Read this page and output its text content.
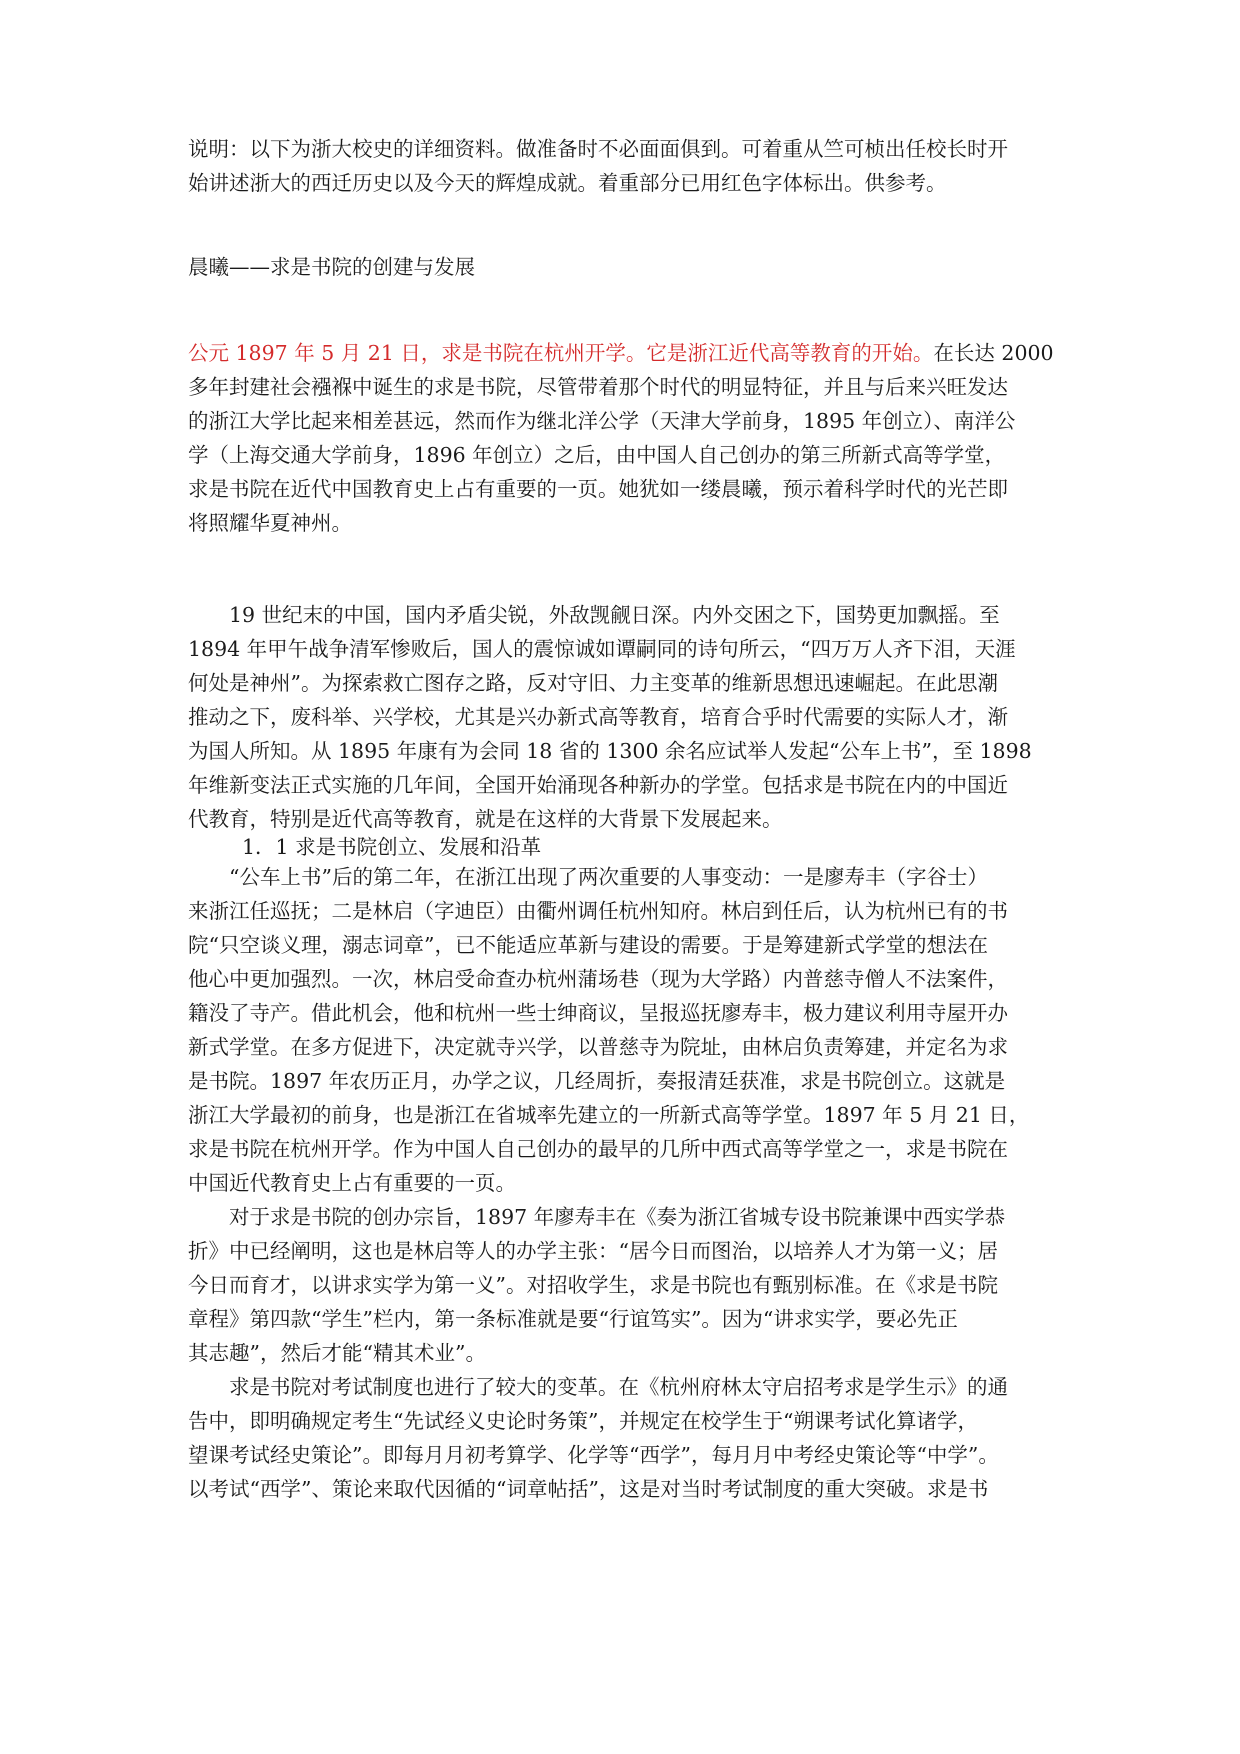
说明：以下为浙大校史的详细资料。做准备时不必面面俱到。可着重从竺可桢出任校长时开
始讲述浙大的西迁历史以及今天的辉煌成就。着重部分已用红色字体标出。供参考。
晨曦——求是书院的创建与发展
公元 1897 年 5 月 21 日，求是书院在杭州开学。它是浙江近代高等教育的开始。在长达 2000
多年封建社会襁褓中诞生的求是书院，尽管带着那个时代的明显特征，并且与后来兴旺发达
的浙江大学比起来相差甚远，然而作为继北洋公学（天津大学前身，1895 年创立）、南洋公
学（上海交通大学前身，1896 年创立）之后，由中国人自己创办的第三所新式高等学堂，
求是书院在近代中国教育史上占有重要的一页。她犹如一缕晨曦，预示着科学时代的光芒即
将照耀华夏神州。
19 世纪末的中国，国内矛盾尖锐，外敌觊觎日深。内外交困之下，国势更加飘摇。至
1894 年甲午战争清军惨败后，国人的震惊诚如谭嗣同的诗句所云，“四万万人齐下泪，天涯
何处是神州”。为探索救亡图存之路，反对守旧、力主变革的维新思想迅速崛起。在此思潮
推动之下，废科举、兴学校，尤其是兴办新式高等教育，培育合乎时代需要的实际人才，渐
为国人所知。从 1895 年康有为会同 18 省的 1300 余名应试举人发起“公车上书”，至 1898
年维新变法正式实施的几年间，全国开始涌现各种新办的学堂。包括求是书院在内的中国近
代教育，特别是近代高等教育，就是在这样的大背景下发展起来。
1．1 求是书院创立、发展和沿革
“公车上书”后的第二年，在浙江出现了两次重要的人事变动：一是廖寿丰（字谷士）
来浙江任巡抚；二是林启（字迪臣）由衢州调任杭州知府。林启到任后，认为杭州已有的书
院“只空谈义理，溺志词章”，已不能适应革新与建设的需要。于是筹建新式学堂的想法在
他心中更加强烈。一次，林启受命查办杭州蒲场巷（现为大学路）内普慈寺僧人不法案件，
籍没了寺产。借此机会，他和杭州一些士绅商议，呈报巡抚廖寿丰，极力建议利用寺屋开办
新式学堂。在多方促进下，决定就寺兴学，以普慈寺为院址，由林启负责筹建，并定名为求
是书院。1897 年农历正月，办学之议，几经周折，奏报清廷获准，求是书院创立。这就是
浙江大学最初的前身，也是浙江在省城率先建立的一所新式高等学堂。1897 年 5 月 21 日，
求是书院在杭州开学。作为中国人自己创办的最早的几所中西式高等学堂之一，求是书院在
中国近代教育史上占有重要的一页。
对于求是书院的创办宗旨，1897 年廖寿丰在《奏为浙江省城专设书院兼课中西实学恭
折》中已经阐明，这也是林启等人的办学主张：“居今日而图治，以培养人才为第一义；居
今日而育才，以讲求实学为第一义”。对招收学生，求是书院也有甄别标准。在《求是书院
章程》第四款“学生”栏内，第一条标准就是要“行谊笃实”。因为“讲求实学，要必先正
其志趣”，然后才能“精其术业”。
求是书院对考试制度也进行了较大的变革。在《杭州府林太守启招考求是学生示》的通
告中，即明确规定考生“先试经义史论时务策”，并规定在校学生于“朔课考试化算诸学，
望课考试经史策论”。即每月月初考算学、化学等“西学”，每月月中考经史策论等“中学”。
以考试“西学”、策论来取代因循的“词章帖括”，这是对当时考试制度的重大突破。求是书
